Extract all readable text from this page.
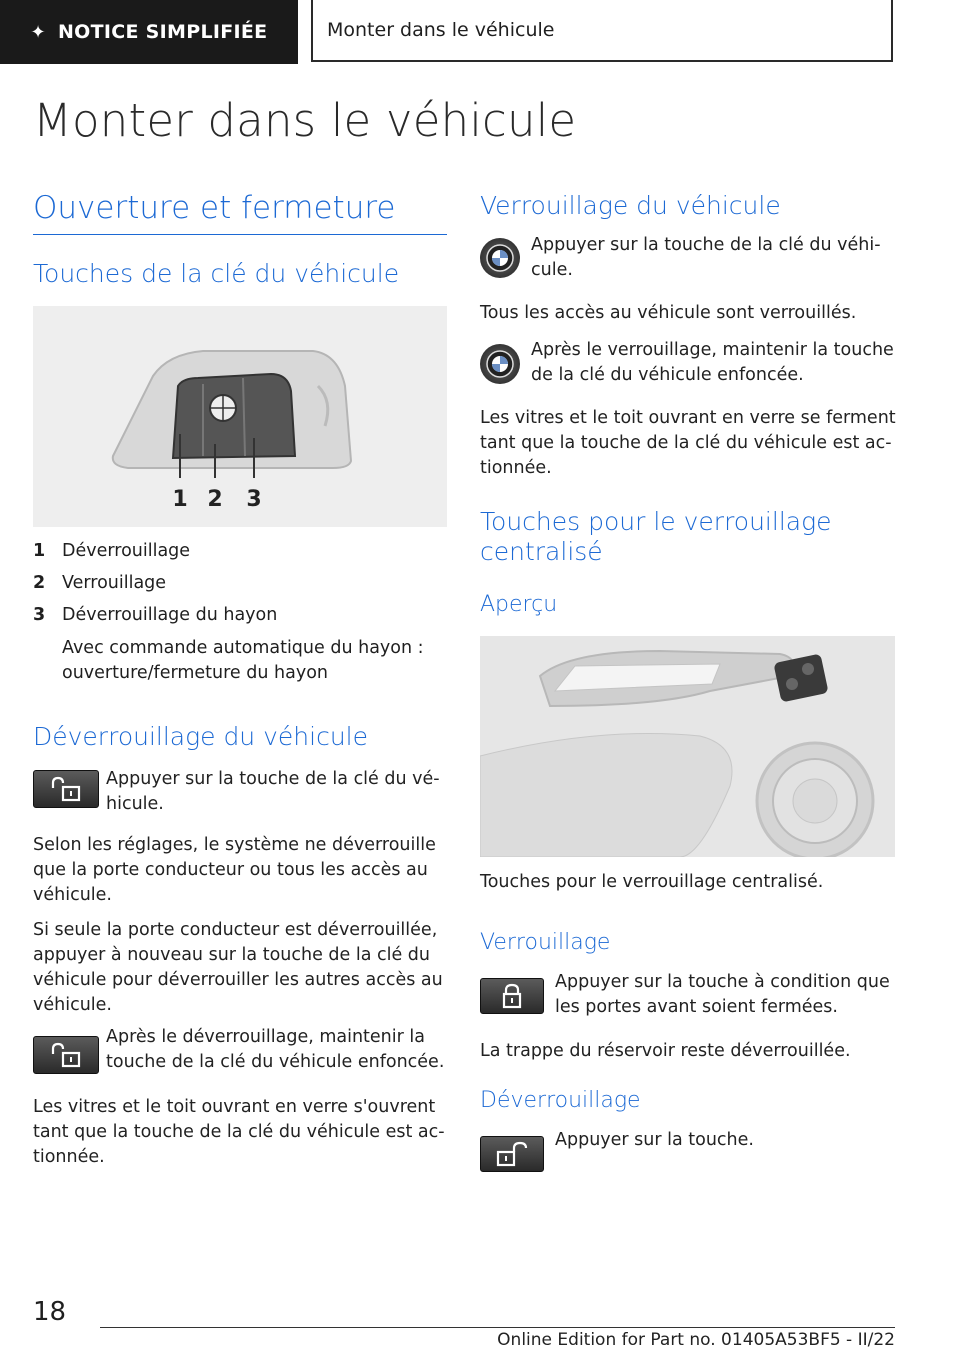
✦ NOTICE SIMPLIFIÉE	Monter dans le véhicule
Monter dans le véhicule
Ouverture et fermeture
Touches de la clé du véhicule
1 2 3
1 Déverrouillage
2 Verrouillage
3 Déverrouillage du hayon
Avec commande automatique du hayon :
ouverture/fermeture du hayon
Déverrouillage du véhicule
Appuyer sur la touche de la clé du vé-
hicule.
Selon les réglages, le système ne déverrouille
que la porte conducteur ou tous les accès au
véhicule.
Si seule la porte conducteur est déverrouillée,
appuyer à nouveau sur la touche de la clé du
véhicule pour déverrouiller les autres accès au
véhicule.
Après le déverrouillage, maintenir la
touche de la clé du véhicule enfoncée.
Les vitres et le toit ouvrant en verre s'ouvrent
tant que la touche de la clé du véhicule est ac-
tionnée.
Verrouillage du véhicule
Appuyer sur la touche de la clé du véhi-
cule.
Tous les accès au véhicule sont verrouillés.
Après le verrouillage, maintenir la touche
de la clé du véhicule enfoncée.
Les vitres et le toit ouvrant en verre se ferment
tant que la touche de la clé du véhicule est ac-
tionnée.
Touches pour le verrouillage
centralisé
Aperçu
Touches pour le verrouillage centralisé.
Verrouillage
Appuyer sur la touche à condition que
les portes avant soient fermées.
La trappe du réservoir reste déverrouillée.
Déverrouillage
Appuyer sur la touche.
18
Online Edition for Part no. 01405A53BF5 - II/22
